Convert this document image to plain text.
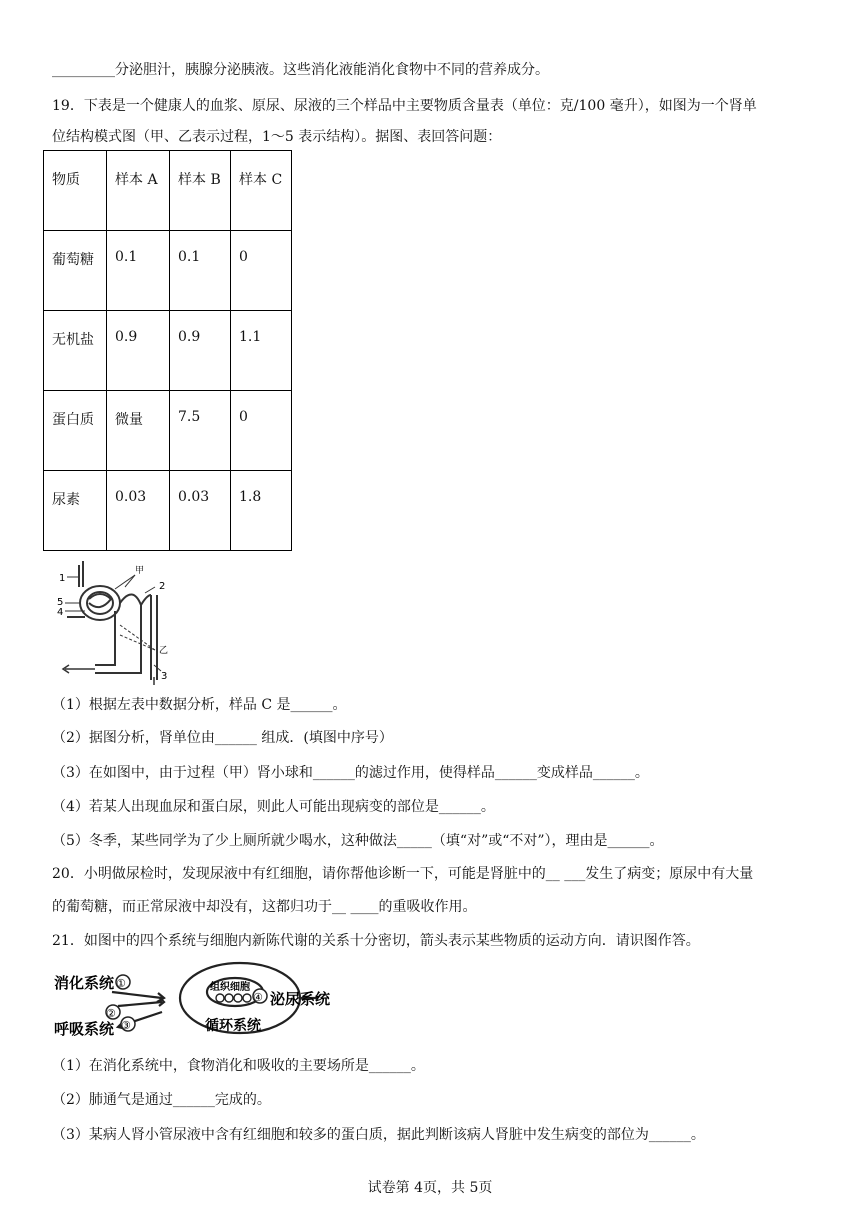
_________分泌胆汁，胰腺分泌胰液。这些消化液能消化食物中不同的营养成分。
19．下表是一个健康人的血浆、原尿、尿液的三个样品中主要物质含量表（单位：克/100 毫升），如图为一个肾单
位结构模式图（甲、乙表示过程，1～5 表示结构）。据图、表回答问题：
物质	样本 A	样本 B	样本 C
葡萄糖	0.1	0.1	0
无机盐	0.9	0.9	1.1
蛋白质	微量	7.5	0
尿素	0.03	0.03	1.8
1
2
3
4
5
甲
乙
（1）根据左表中数据分析，样品 C 是______。
（2）据图分析，肾单位由______ 组成．(填图中序号）
（3）在如图中，由于过程（甲）肾小球和______的滤过作用，使得样品______变成样品______。
（4）若某人出现血尿和蛋白尿，则此人可能出现病变的部位是______。
（5）冬季，某些同学为了少上厕所就少喝水，这种做法_____（填“对”或“不对”），理由是______。
20．小明做尿检时，发现尿液中有红细胞，请你帮他诊断一下，可能是肾脏中的__ ___发生了病变；原尿中有大量
的葡萄糖，而正常尿液中却没有，这都归功于__ ____的重吸收作用。
21．如图中的四个系统与细胞内新陈代谢的关系十分密切，箭头表示某些物质的运动方向．请识图作答。
消化系统
呼吸系统
泌尿系统
循环系统
组织细胞
①
②
③
④
（1）在消化系统中，食物消化和吸收的主要场所是______。
（2）肺通气是通过______完成的。
（3）某病人肾小管尿液中含有红细胞和较多的蛋白质，据此判断该病人肾脏中发生病变的部位为______。
试卷第 4页，共 5页
